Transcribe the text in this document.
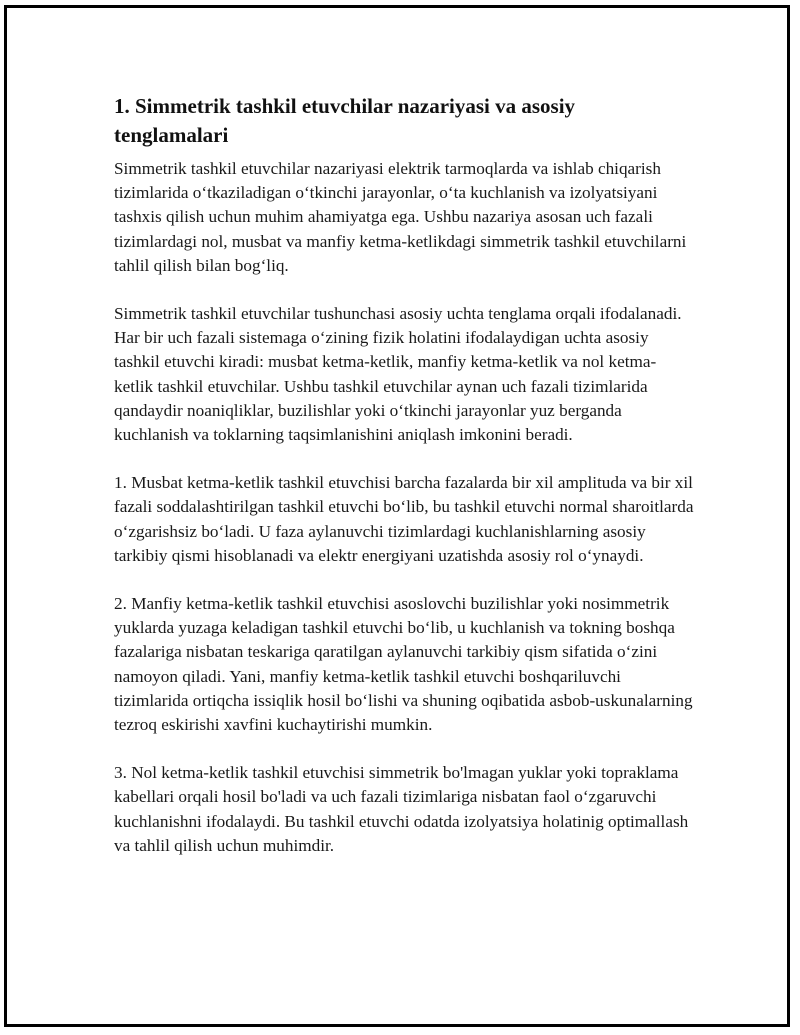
1. Simmetrik tashkil etuvchilar nazariyasi va asosiy tenglamalari

Simmetrik tashkil etuvchilar nazariyasi elektrik tarmoqlarda va ishlab chiqarish tizimlarida o‘tkaziladigan o‘tkinchi jarayonlar, o‘ta kuchlanish va izolyatsiyani tashxis qilish uchun muhim ahamiyatga ega. Ushbu nazariya asosan uch fazali tizimlardagi nol, musbat va manfiy ketma-ketlikdagi simmetrik tashkil etuvchilarni tahlil qilish bilan bog‘liq.

Simmetrik tashkil etuvchilar tushunchasi asosiy uchta tenglama orqali ifodalanadi. Har bir uch fazali sistemaga o‘zining fizik holatini ifodalaydigan uchta asosiy tashkil etuvchi kiradi: musbat ketma-ketlik, manfiy ketma-ketlik va nol ketma-ketlik tashkil etuvchilar. Ushbu tashkil etuvchilar aynan uch fazali tizimlarida qandaydir noaniqliklar, buzilishlar yoki o‘tkinchi jarayonlar yuz berganda kuchlanish va toklarning taqsimlanishini aniqlash imkonini beradi.

1. Musbat ketma-ketlik tashkil etuvchisi barcha fazalarda bir xil amplituda va bir xil fazali soddalashtirilgan tashkil etuvchi bo‘lib, bu tashkil etuvchi normal sharoitlarda o‘zgarishsiz bo‘ladi. U faza aylanuvchi tizimlardagi kuchlanishlarning asosiy tarkibiy qismi hisoblanadi va elektr energiyani uzatishda asosiy rol o‘ynaydi.

2. Manfiy ketma-ketlik tashkil etuvchisi asoslovchi buzilishlar yoki nosimmetrik yuklarda yuzaga keladigan tashkil etuvchi bo‘lib, u kuchlanish va tokning boshqa fazalariga nisbatan teskariga qaratilgan aylanuvchi tarkibiy qism sifatida o‘zini namoyon qiladi. Yani, manfiy ketma-ketlik tashkil etuvchi boshqariluvchi tizimlarida ortiqcha issiqlik hosil bo‘lishi va shuning oqibatida asbob-uskunalarning tezroq eskirishi xavfini kuchaytirishi mumkin.

3. Nol ketma-ketlik tashkil etuvchisi simmetrik bo'lmagan yuklar yoki topraklama kabellari orqali hosil bo'ladi va uch fazali tizimlariga nisbatan faol o‘zgaruvchi kuchlanishni ifodalaydi. Bu tashkil etuvchi odatda izolyatsiya holatinig optimallash va tahlil qilish uchun muhimdir.
